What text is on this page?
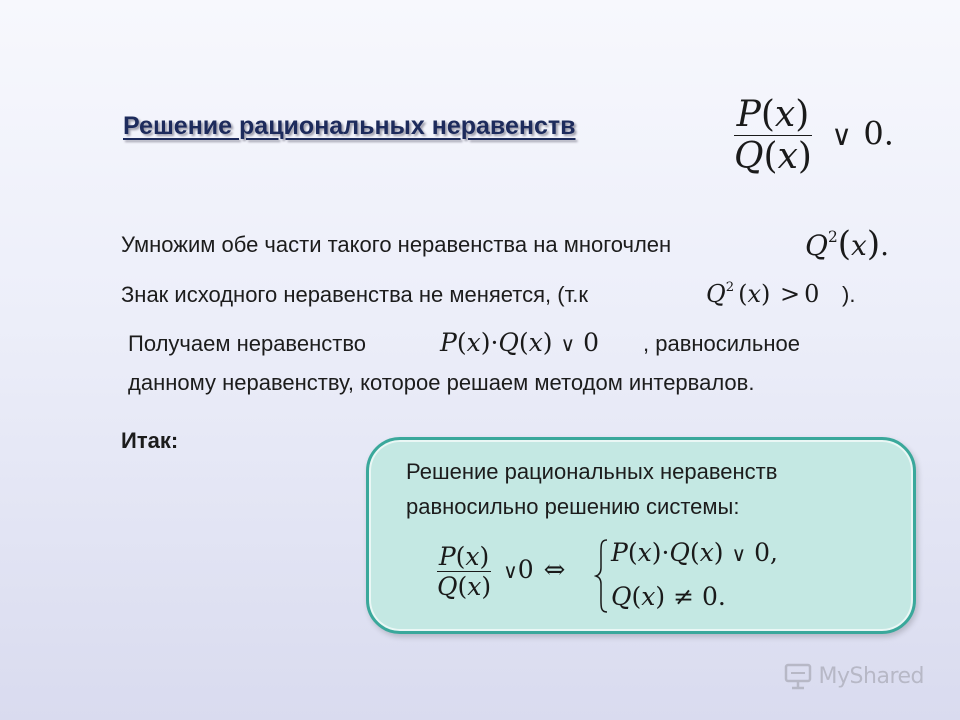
Решение рациональных неравенств	$\frac{P(x)}{Q(x)}$ ∨ 0.
Умножим обе части такого неравенства на многочлен	$Q^2(x)$.
Знак исходного неравенства не меняется, (т.к	$Q^2$ (x) > 0 ).
Получаем неравенство	P(x)·Q(x) ∨ 0 , равносильное
данному неравенству, которое решаем методом интервалов.
Итак:
Решение рациональных неравенств
равносильно решению системы:
$\frac{P(x)}{Q(x)}$ ∨0 ⇔
P(x)·Q(x) ∨ 0,
Q(x) ≠ 0.
MyShared
